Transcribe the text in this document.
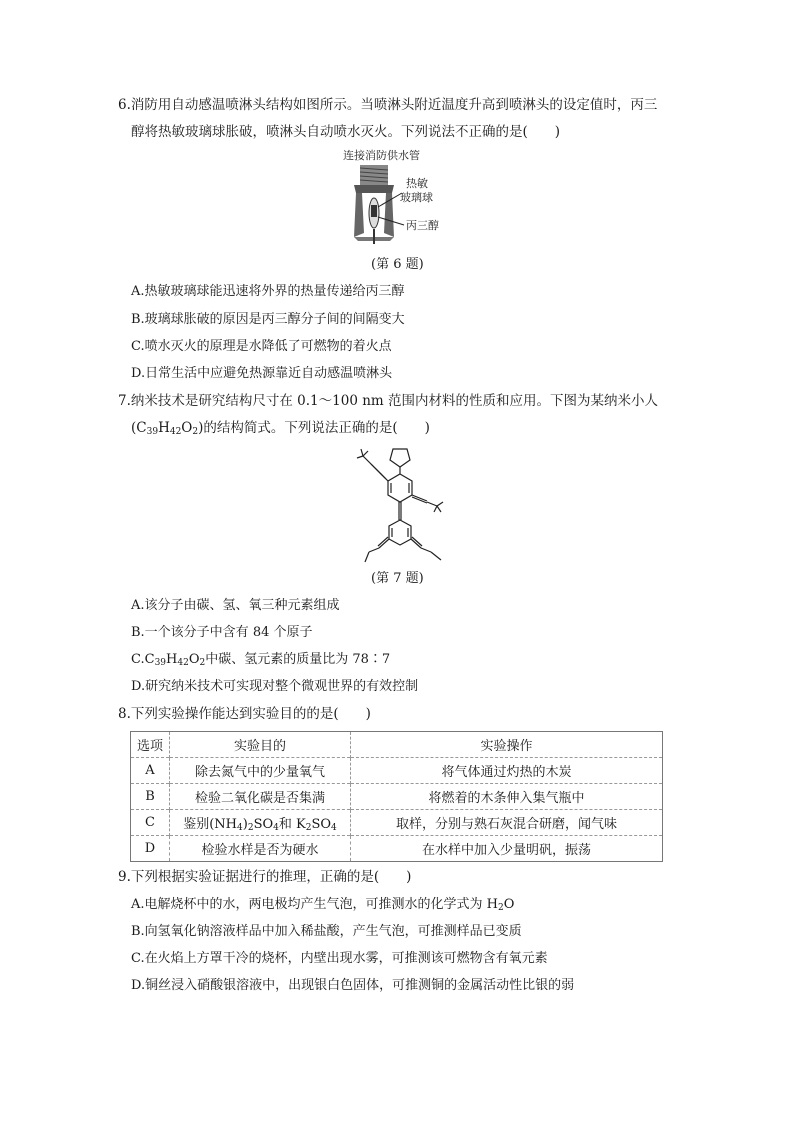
6.消防用自动感温喷淋头结构如图所示。当喷淋头附近温度升高到喷淋头的设定值时，丙三
醇将热敏玻璃球胀破，喷淋头自动喷水灭火。下列说法不正确的是(　　)
连接消防供水管
热敏
玻璃球
丙三醇
(第 6 题)
A.热敏玻璃球能迅速将外界的热量传递给丙三醇
B.玻璃球胀破的原因是丙三醇分子间的间隔变大
C.喷水灭火的原理是水降低了可燃物的着火点
D.日常生活中应避免热源靠近自动感温喷淋头
7.纳米技术是研究结构尺寸在 0.1～100 nm 范围内材料的性质和应用。下图为某纳米小人
$(C_{39}H_{42}O_2)$的结构简式。下列说法正确的是(　　)
(第 7 题)
A.该分子由碳、氢、氧三种元素组成
B.一个该分子中含有 84 个原子
$C.C_{39}H_{42}O_2$中碳、氢元素的质量比为 78∶7
D.研究纳米技术可实现对整个微观世界的有效控制
8.下列实验操作能达到实验目的的是(　　)
选项	实验目的	实验操作
A	除去氮气中的少量氧气	将气体通过灼热的木炭
B	检验二氧化碳是否集满	将燃着的木条伸入集气瓶中
C	鉴别$(NH_4)_2SO_4$和 $K_2SO_4$	取样，分别与熟石灰混合研磨，闻气味
D	检验水样是否为硬水	在水样中加入少量明矾，振荡
9.下列根据实验证据进行的推理，正确的是(　　)
A.电解烧杯中的水，两电极均产生气泡，可推测水的化学式为 $H_2O$
B.向氢氧化钠溶液样品中加入稀盐酸，产生气泡，可推测样品已变质
C.在火焰上方罩干冷的烧杯，内壁出现水雾，可推测该可燃物含有氧元素
D.铜丝浸入硝酸银溶液中，出现银白色固体，可推测铜的金属活动性比银的弱
